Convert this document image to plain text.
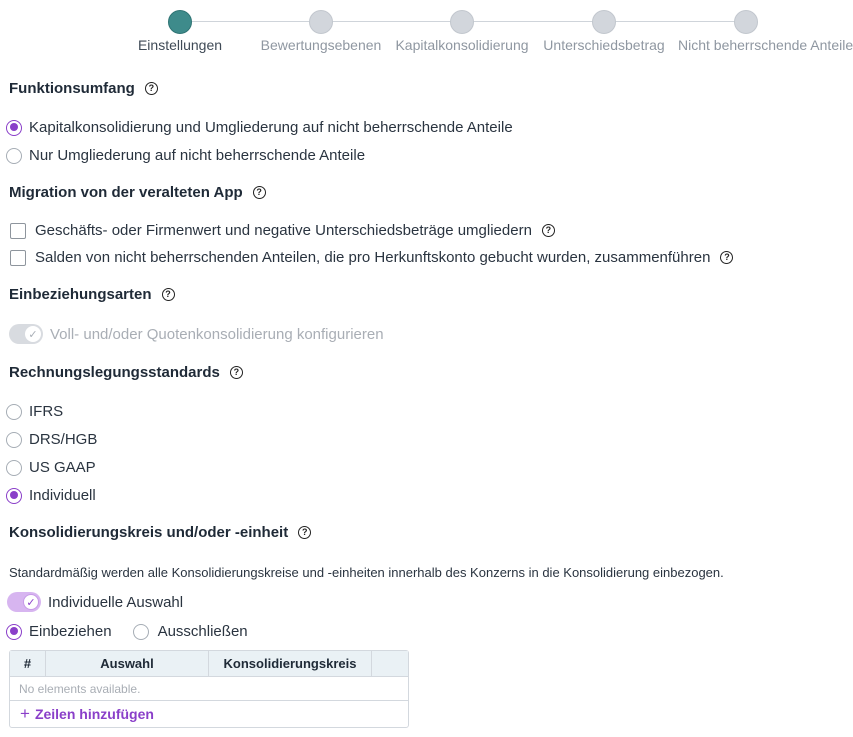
Einstellungen	Bewertungsebenen	Kapitalkonsolidierung	Unterschiedsbetrag Nicht beherrschende Anteile
Funktionsumfang	?
Kapitalkonsolidierung und Umgliederung auf nicht beherrschende Anteile
Nur Umgliederung auf nicht beherrschende Anteile
Migration von der veralteten App	?
Geschäfts- oder Firmenwert und negative Unterschiedsbeträge umgliedern	?
Salden von nicht beherrschenden Anteilen, die pro Herkunftskonto gebucht wurden, zusammenführen	?
Einbeziehungsarten	?
✓ Voll- und/oder Quotenkonsolidierung konfigurieren
Rechnungslegungsstandards	?
IFRS
DRS/HGB
US GAAP
Individuell
Konsolidierungskreis und/oder -einheit	?
Standardmäßig werden alle Konsolidierungskreise und -einheiten innerhalb des Konzerns in die Konsolidierung einbezogen.
✓ Individuelle Auswahl
Einbeziehen	Ausschließen
#	Auswahl	Konsolidierungskreis
No elements available.
+ Zeilen hinzufügen
